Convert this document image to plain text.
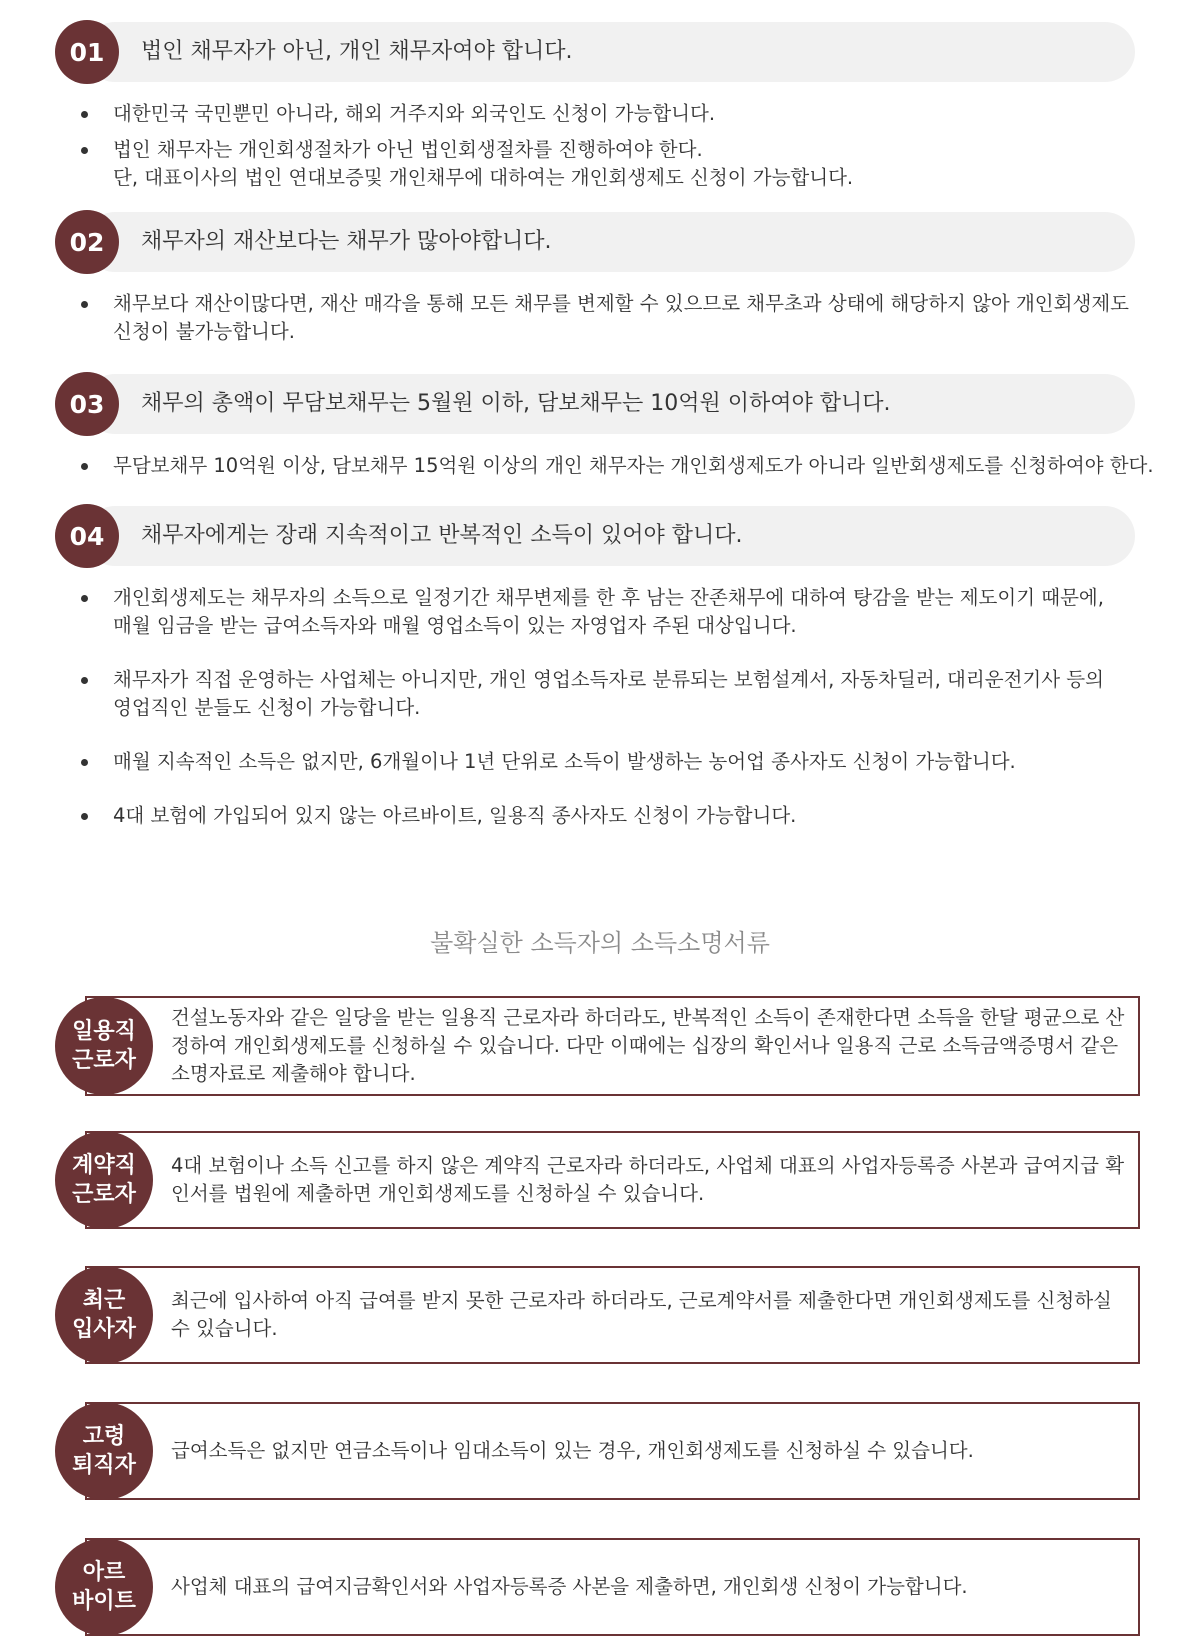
01	법인 채무자가 아닌, 개인 채무자여야 합니다.
대한민국 국민뿐민 아니라, 해외 거주지와 외국인도 신청이 가능합니다.
법인 채무자는 개인회생절차가 아닌 법인회생절차를 진행하여야 한다.
단, 대표이사의 법인 연대보증및 개인채무에 대하여는 개인회생제도 신청이 가능합니다.
02	채무자의 재산보다는 채무가 많아야합니다.
채무보다 재산이많다면, 재산 매각을 통해 모든 채무를 변제할 수 있으므로 채무초과 상태에 해당하지 않아 개인회생제도
신청이 불가능합니다.
03	채무의 총액이 무담보채무는 5월원 이하, 담보채무는 10억원 이하여야 합니다.
무담보채무 10억원 이상, 담보채무 15억원 이상의 개인 채무자는 개인회생제도가 아니라 일반회생제도를 신청하여야 한다.
04	채무자에게는 장래 지속적이고 반복적인 소득이 있어야 합니다.
개인회생제도는 채무자의 소득으로 일정기간 채무변제를 한 후 남는 잔존채무에 대하여 탕감을 받는 제도이기 때문에,
매월 임금을 받는 급여소득자와 매월 영업소득이 있는 자영업자 주된 대상입니다.
채무자가 직접 운영하는 사업체는 아니지만, 개인 영업소득자로 분류되는 보험설계서, 자동차딜러, 대리운전기사 등의
영업직인 분들도 신청이 가능합니다.
매월 지속적인 소득은 없지만, 6개월이나 1년 단위로 소득이 발생하는 농어업 종사자도 신청이 가능합니다.
4대 보험에 가입되어 있지 않는 아르바이트, 일용직 종사자도 신청이 가능합니다.
불확실한 소득자의 소득소명서류
일용직
근로자
건설노동자와 같은 일당을 받는 일용직 근로자라 하더라도, 반복적인 소득이 존재한다면 소득을 한달 평균으로 산정하여 개인회생제도를 신청하실 수 있습니다. 다만 이때에는 십장의 확인서나 일용직 근로 소득금액증명서 같은 소명자료로 제출해야 합니다.
계약직
근로자
4대 보험이나 소득 신고를 하지 않은 계약직 근로자라 하더라도, 사업체 대표의 사업자등록증 사본과 급여지급 확인서를 법원에 제출하면 개인회생제도를 신청하실 수 있습니다.
최근
입사자
최근에 입사하여 아직 급여를 받지 못한 근로자라 하더라도, 근로계약서를 제출한다면 개인회생제도를 신청하실 수 있습니다.
고령
퇴직자
급여소득은 없지만 연금소득이나 임대소득이 있는 경우, 개인회생제도를 신청하실 수 있습니다.
아르
바이트
사업체 대표의 급여지금확인서와 사업자등록증 사본을 제출하면, 개인회생 신청이 가능합니다.
